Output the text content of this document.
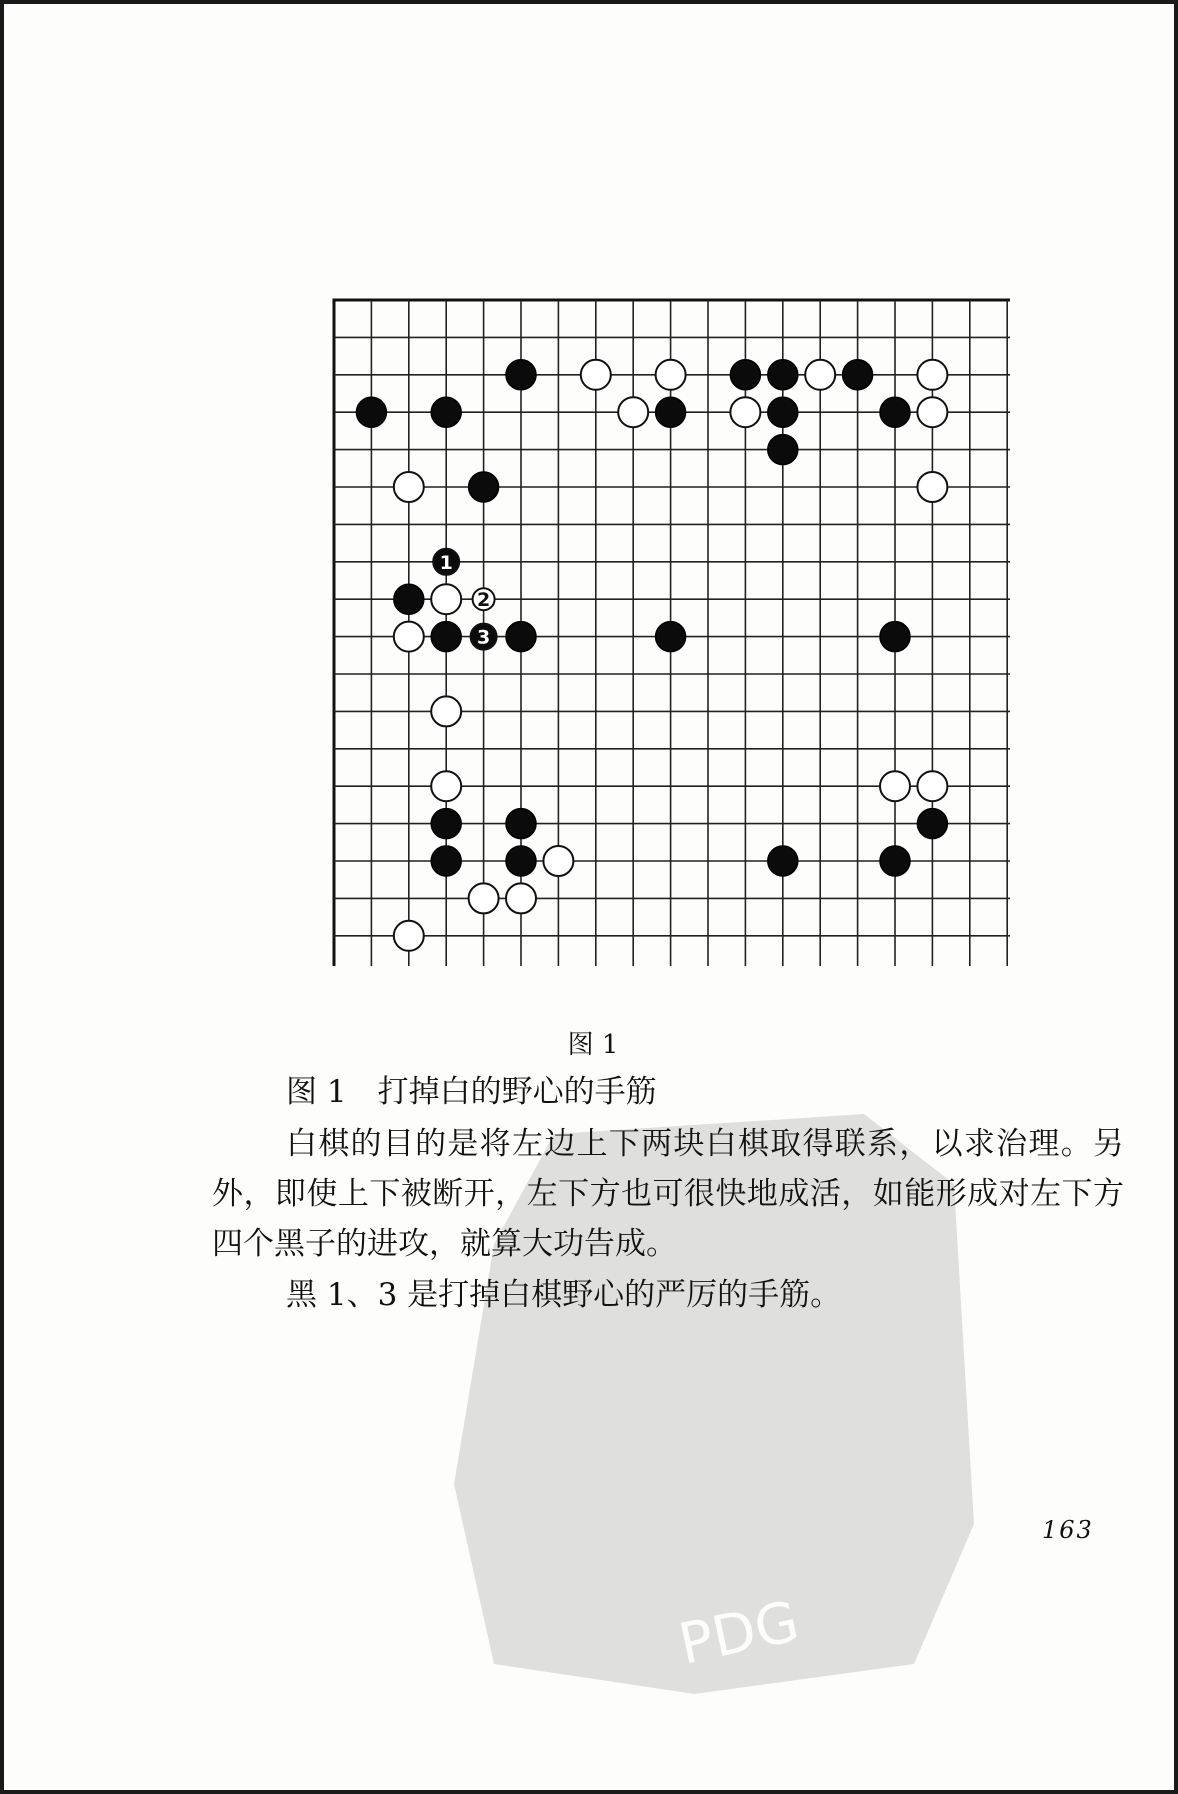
1
2
3
图 1
图 1　打掉白的野心的手筋
白棋的目的是将左边上下两块白棋取得联系，以求治理。另外，即使上下被断开，左下方也可很快地成活，如能形成对左下方四个黑子的进攻，就算大功告成。
黑 1、3 是打掉白棋野心的严厉的手筋。
163
PDG
